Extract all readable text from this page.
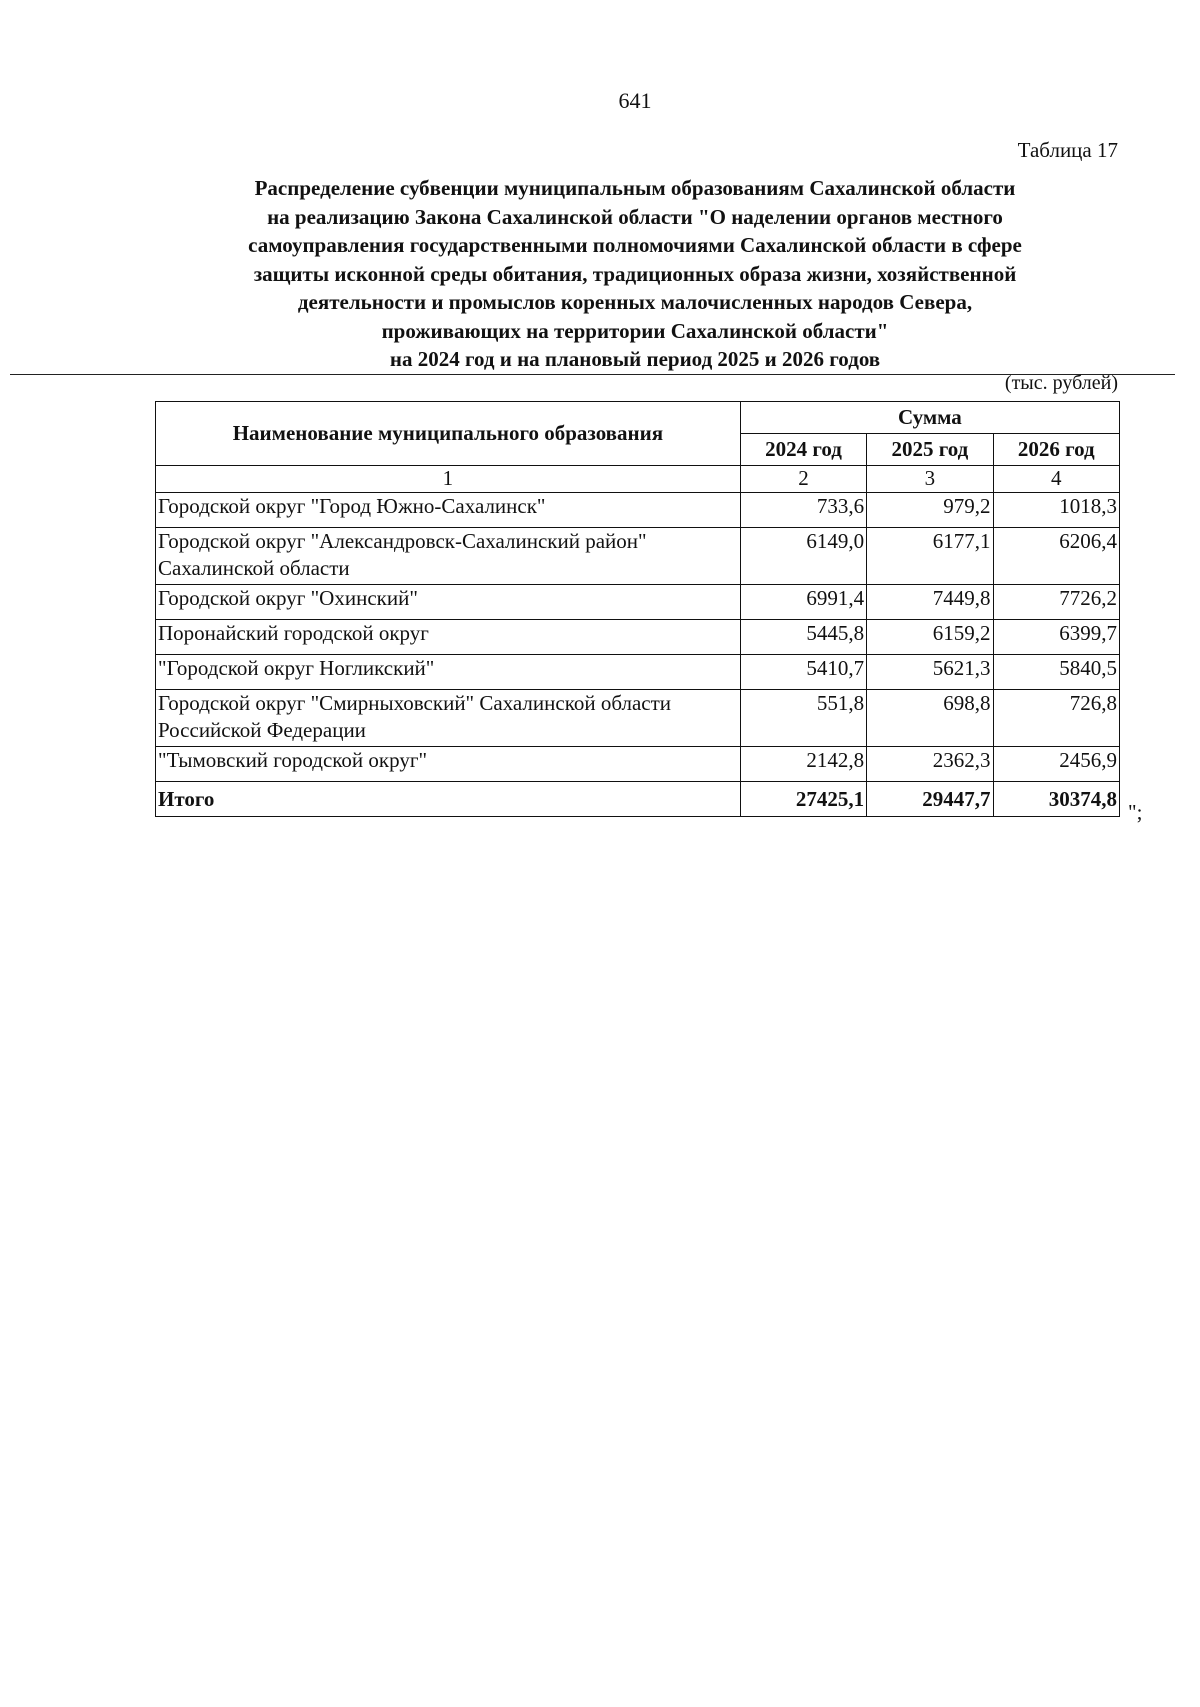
641
Таблица 17
Распределение субвенции муниципальным образованиям Сахалинской области
на реализацию Закона Сахалинской области "О наделении органов местного
самоуправления государственными полномочиями Сахалинской области в сфере
защиты исконной среды обитания, традиционных образа жизни, хозяйственной
деятельности и промыслов коренных малочисленных народов Севера,
проживающих на территории Сахалинской области"
на 2024 год и на плановый период 2025 и 2026 годов
(тыс. рублей)
Наименование муниципального образования	Сумма		
	2024 год	2025 год	2026 год
1	2	3	4
Городской округ "Город Южно-Сахалинск"	733,6	979,2	1018,3
Городской округ "Александровск-Сахалинский район" Сахалинской области	6149,0	6177,1	6206,4
Городской округ "Охинский"	6991,4	7449,8	7726,2
Поронайский городской округ	5445,8	6159,2	6399,7
"Городской округ Ногликский"	5410,7	5621,3	5840,5
Городской округ "Смирныховский" Сахалинской области Российской Федерации	551,8	698,8	726,8
"Тымовский городской округ"	2142,8	2362,3	2456,9
Итого	27425,1	29447,7	30374,8
";
